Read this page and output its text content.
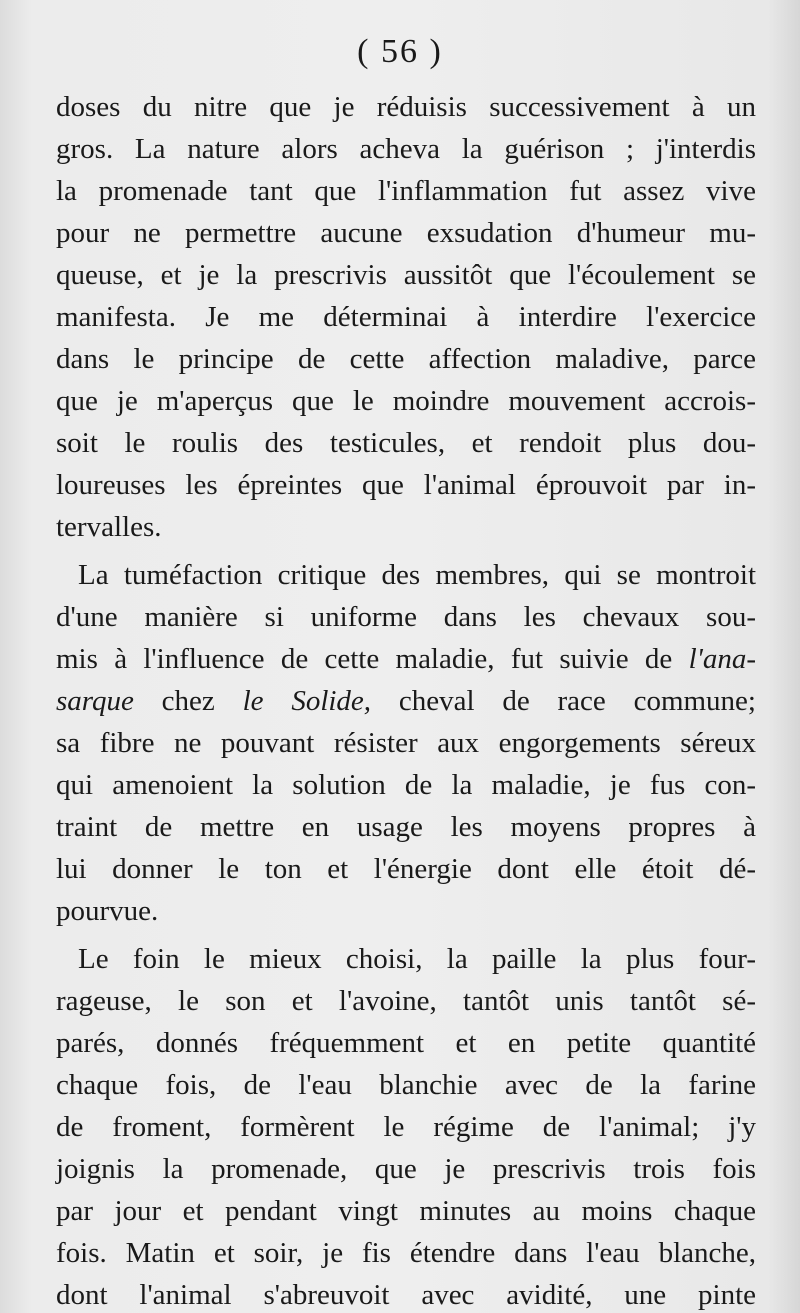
( 56 )
doses du nitre que je réduisis successivement à un
gros. La nature alors acheva la guérison ; j'interdis
la promenade tant que l'inflammation fut assez vive
pour ne permettre aucune exsudation d'humeur mu-
queuse, et je la prescrivis aussitôt que l'écoulement se
manifesta. Je me déterminai à interdire l'exercice
dans le principe de cette affection maladive, parce
que je m'aperçus que le moindre mouvement accrois-
soit le roulis des testicules, et rendoit plus dou-
loureuses les épreintes que l'animal éprouvoit par in-
tervalles.
La tuméfaction critique des membres, qui se montroit
d'une manière si uniforme dans les chevaux sou-
mis à l'influence de cette maladie, fut suivie de l'ana-
sarque chez le Solide, cheval de race commune;
sa fibre ne pouvant résister aux engorgements séreux
qui amenoient la solution de la maladie, je fus con-
traint de mettre en usage les moyens propres à
lui donner le ton et l'énergie dont elle étoit dé-
pourvue.
Le foin le mieux choisi, la paille la plus four-
rageuse, le son et l'avoine, tantôt unis tantôt sé-
parés, donnés fréquemment et en petite quantité
chaque fois, de l'eau blanchie avec de la farine
de froment, formèrent le régime de l'animal; j'y
joignis la promenade, que je prescrivis trois fois
par jour et pendant vingt minutes au moins chaque
fois. Matin et soir, je fis étendre dans l'eau blanche,
dont l'animal s'abreuvoit avec avidité, une pinte
